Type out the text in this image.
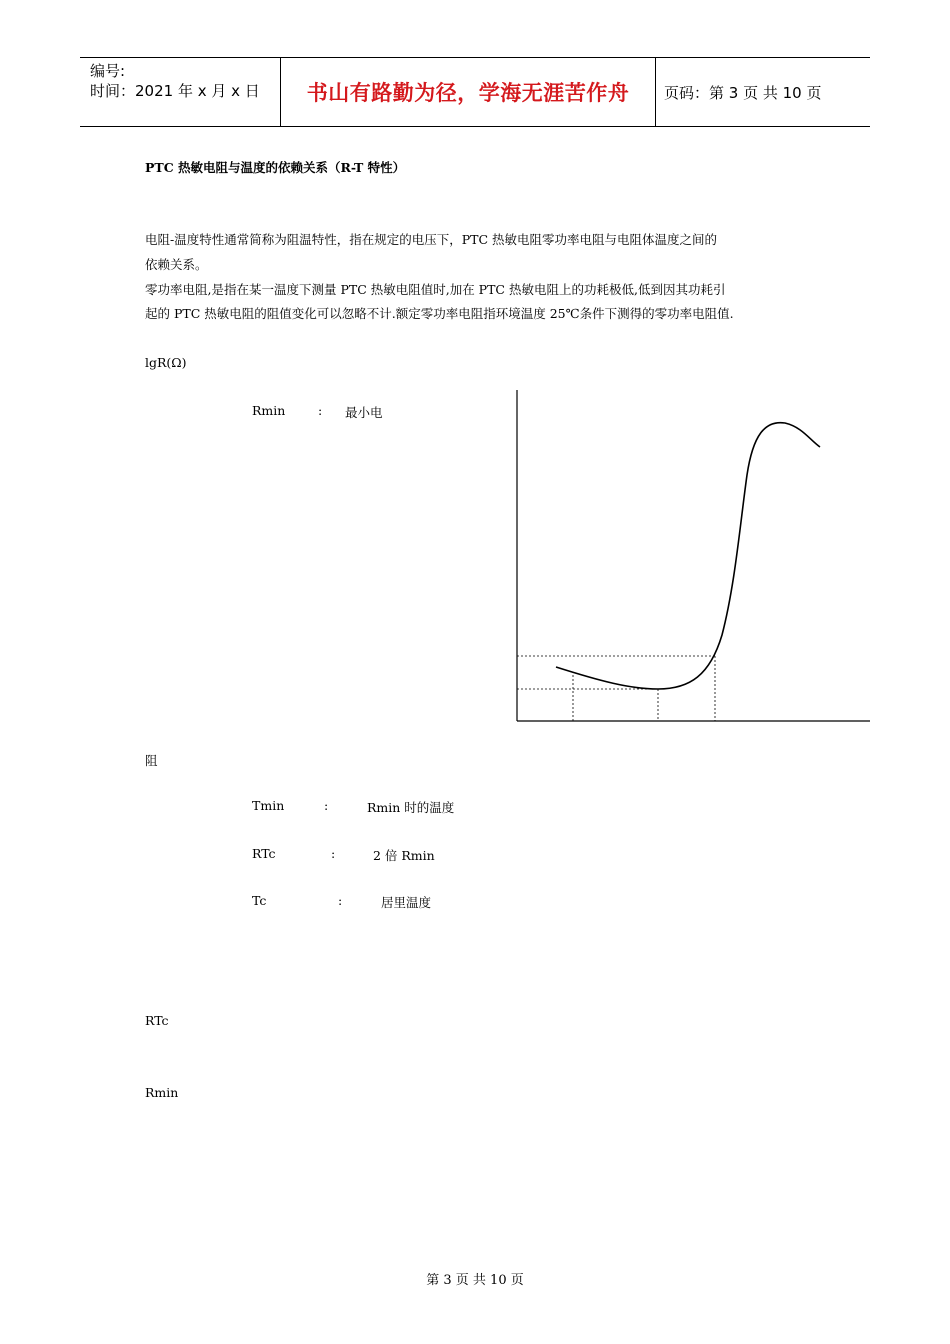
编号:
时间：2021 年 x 月 x 日 书山有路勤为径，学海无涯苦作舟 页码：第 3 页 共 10 页
PTC 热敏电阻与温度的依赖关系（R-T 特性）
电阻-温度特性通常简称为阻温特性，指在规定的电压下，PTC 热敏电阻零功率电阻与电阻体温度之间的
依赖关系。
零功率电阻,是指在某一温度下测量 PTC 热敏电阻值时,加在 PTC 热敏电阻上的功耗极低,低到因其功耗引
起的 PTC 热敏电阻的阻值变化可以忽略不计.额定零功率电阻指环境温度 25℃条件下测得的零功率电阻值.
lgR(Ω)
Rmin	: 最小电
阻
Tmin	:	Rmin 时的温度
RTc	:	2 倍 Rmin
Tc	:	居里温度
RTc
Rmin
第 3 页 共 10 页
